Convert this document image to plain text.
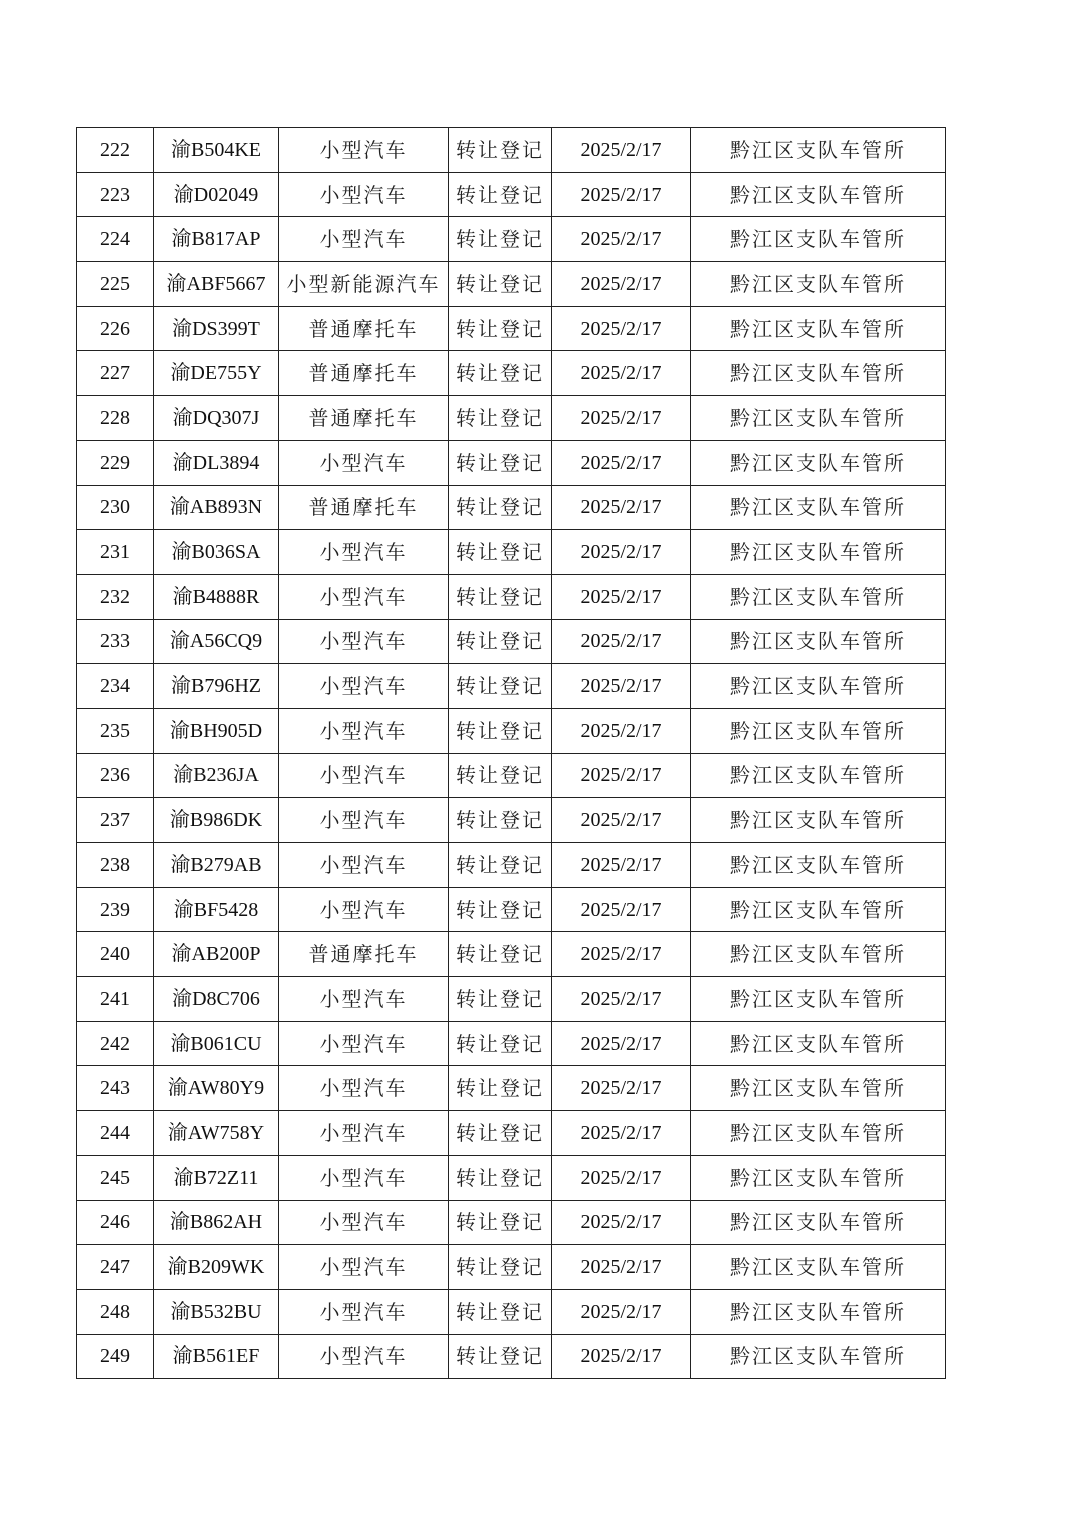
222	渝B504KE	小型汽车	转让登记	2025/2/17	黔江区支队车管所
223	渝D02049	小型汽车	转让登记	2025/2/17	黔江区支队车管所
224	渝B817AP	小型汽车	转让登记	2025/2/17	黔江区支队车管所
225	渝ABF5667	小型新能源汽车	转让登记	2025/2/17	黔江区支队车管所
226	渝DS399T	普通摩托车	转让登记	2025/2/17	黔江区支队车管所
227	渝DE755Y	普通摩托车	转让登记	2025/2/17	黔江区支队车管所
228	渝DQ307J	普通摩托车	转让登记	2025/2/17	黔江区支队车管所
229	渝DL3894	小型汽车	转让登记	2025/2/17	黔江区支队车管所
230	渝AB893N	普通摩托车	转让登记	2025/2/17	黔江区支队车管所
231	渝B036SA	小型汽车	转让登记	2025/2/17	黔江区支队车管所
232	渝B4888R	小型汽车	转让登记	2025/2/17	黔江区支队车管所
233	渝A56CQ9	小型汽车	转让登记	2025/2/17	黔江区支队车管所
234	渝B796HZ	小型汽车	转让登记	2025/2/17	黔江区支队车管所
235	渝BH905D	小型汽车	转让登记	2025/2/17	黔江区支队车管所
236	渝B236JA	小型汽车	转让登记	2025/2/17	黔江区支队车管所
237	渝B986DK	小型汽车	转让登记	2025/2/17	黔江区支队车管所
238	渝B279AB	小型汽车	转让登记	2025/2/17	黔江区支队车管所
239	渝BF5428	小型汽车	转让登记	2025/2/17	黔江区支队车管所
240	渝AB200P	普通摩托车	转让登记	2025/2/17	黔江区支队车管所
241	渝D8C706	小型汽车	转让登记	2025/2/17	黔江区支队车管所
242	渝B061CU	小型汽车	转让登记	2025/2/17	黔江区支队车管所
243	渝AW80Y9	小型汽车	转让登记	2025/2/17	黔江区支队车管所
244	渝AW758Y	小型汽车	转让登记	2025/2/17	黔江区支队车管所
245	渝B72Z11	小型汽车	转让登记	2025/2/17	黔江区支队车管所
246	渝B862AH	小型汽车	转让登记	2025/2/17	黔江区支队车管所
247	渝B209WK	小型汽车	转让登记	2025/2/17	黔江区支队车管所
248	渝B532BU	小型汽车	转让登记	2025/2/17	黔江区支队车管所
249	渝B561EF	小型汽车	转让登记	2025/2/17	黔江区支队车管所
